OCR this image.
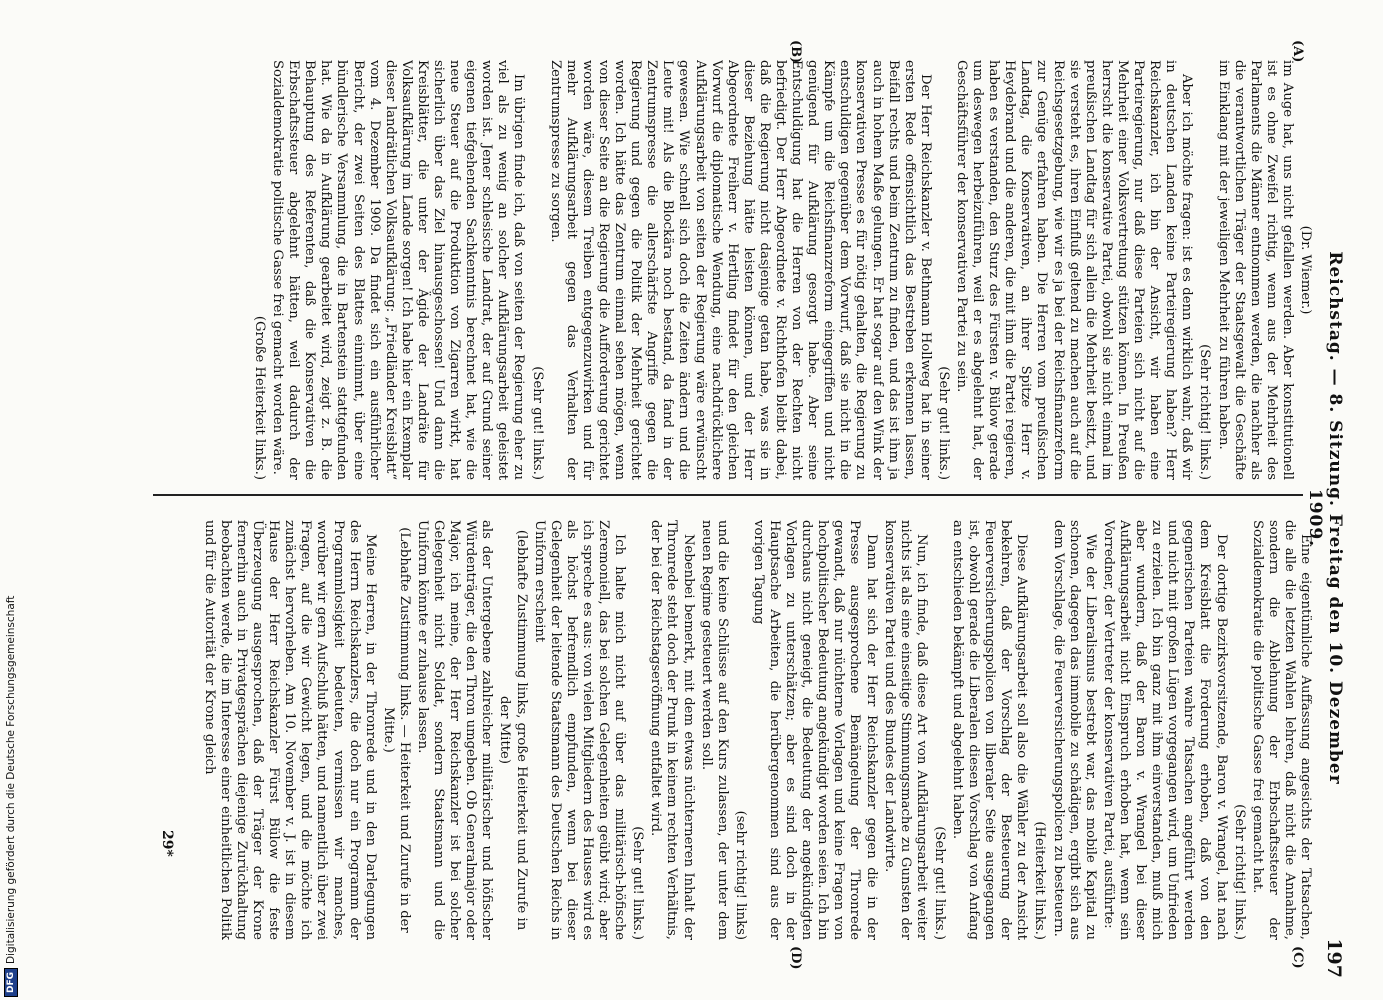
Reichstag. — 8. Sitzung. Freitag den 10. Dezember 1909.
197
(A)
(B)
(C)
(D)

(Dr. Wiemer.)

im Auge hat, uns nicht gefallen werden. Aber konstitutionell ist es ohne Zweifel richtig, wenn aus der Mehrheit des Parlaments die Männer entnommen werden, die nachher als die verantwortlichen Träger der Staatsgewalt die Geschäfte im Einklang mit der jeweiligen Mehrheit zu führen haben.

(Sehr richtig! links.)

Aber ich möchte fragen: ist es denn wirklich wahr, daß wir in deutschen Landen keine Parteiregierung haben? Herr Reichskanzler, ich bin der Ansicht, wir haben eine Parteiregierung, nur daß diese Parteien sich nicht auf die Mehrheit einer Volksvertretung stützen können. In Preußen herrscht die konservative Partei, obwohl sie nicht einmal im preußischen Landtag für sich allein die Mehrheit besitzt, und sie versteht es, ihren Einfluß geltend zu machen auch auf die Reichsgesetzgebung, wie wir es ja bei der Reichsfinanzreform zur Genüge erfahren haben. Die Herren vom preußischen Landtag, die Konservativen, an ihrer Spitze Herr v. Heydebrand und die anderen, die mit ihm die Partei regieren, haben es verstanden, den Sturz des Fürsten v. Bülow gerade um deswegen herbeizuführen, weil er es abgelehnt hat, der Geschäftsführer der konservativen Partei zu sein.

(Sehr gut! links.)

Der Herr Reichskanzler v. Bethmann Hollweg hat in seiner ersten Rede offensichtlich das Bestreben erkennen lassen, Beifall rechts und beim Zentrum zu finden, und das ist ihm ja auch in hohem Maße gelungen. Er hat sogar auf den Wink der konservativen Presse es für nötig gehalten, die Regierung zu entschuldigen gegenüber dem Vorwurf, daß sie nicht in die Kämpfe um die Reichsfinanzreform eingegriffen und nicht genügend für Aufklärung gesorgt habe. Aber seine Entschuldigung hat die Herren von der Rechten nicht befriedigt. Der Herr Abgeordnete v. Richthofen bleibt dabei, daß die Regierung nicht dasjenige getan habe, was sie in dieser Beziehung hätte leisten können, und der Herr Abgeordnete Freiherr v. Hertling findet für den gleichen Vorwurf die diplomatische Wendung, eine nachdrücklichere Aufklärungsarbeit von seiten der Regierung wäre erwünscht gewesen. Wie schnell sich doch die Zeiten ändern und die Leute mit! Als die Blockära noch bestand, da fand in der Zentrumspresse die allerschärfste Angriffe gegen die Regierung und gegen die Politik der Mehrheit gerichtet worden. Ich hätte das Zentrum einmal sehen mögen, wenn von dieser Seite an die Regierung die Aufforderung gerichtet worden wäre, diesem Treiben entgegenzuwirken und für mehr Aufklärungsarbeit gegen das Verhalten der Zentrumspresse zu sorgen.

(Sehr gut! links.)

Im übrigen finde ich, daß von seiten der Regierung eher zu viel als zu wenig an solcher Aufklärungsarbeit geleistet worden ist. Jener schlesische Landrat, der auf Grund seiner eigenen tiefgehenden Sachkenntnis berechnet hat, wie die neue Steuer auf die Produktion von Zigarren wirkt, hat sicherlich über das Ziel hinausgeschossen! Und dann die Kreisblätter, die unter der Ägide der Landräte für Volksaufklärung im Lande sorgen! Ich habe hier ein Exemplar dieser landrätlichen Volksaufklärung: „Friedländer Kreisblatt“ vom 4. Dezember 1909. Da findet sich ein ausführlicher Bericht, der zwei Seiten des Blattes einnimmt, über eine bündlerische Versammlung, die in Bartenstein stattgefunden hat. Wie da in Aufklärung gearbeitet wird, zeigt z. B. die Behauptung des Referenten, daß die Konservativen die Erbschaftssteuer abgelehnt hätten, weil dadurch der Sozialdemokratie politische Gasse frei gemacht worden wäre.

(Große Heiterkeit links.)

Eine eigentümliche Auffassung angesichts der Tatsachen, die alle die letzten Wahlen lehren, daß nicht die Annahme, sondern die Ablehnung der Erbschaftssteuer der Sozialdemokratie die politische Gasse frei gemacht hat.

(Sehr richtig! links.)

Der dortige Bezirksvorsitzende, Baron v. Wrangel, hat nach dem Kreisblatt die Forderung erhoben, daß von den gegnerischen Parteien wahre Tatsachen angeführt werden und nicht mit großen Lügen vorgegangen wird, um Unfrieden zu erzielen. Ich bin ganz mit ihm einverstanden, muß mich aber wundern, daß der Baron v. Wrangel bei dieser Aufklärungsarbeit nicht Einspruch erhoben hat, wenn sein Vorredner, der Vertreter der konservativen Partei, ausführte:

Wie der Liberalismus bestrebt war, das mobile Kapital zu schonen, dagegen das immobile zu schädigen, ergibt sich aus dem Vorschlage, die Feuerversicherungspolicen zu besteuern.

(Heiterkeit links.)

Diese Aufklärungsarbeit soll also die Wähler zu der Ansicht bekehren, daß der Vorschlag der Besteuerung der Feuerversicherungspolicen von liberaler Seite ausgegangen ist, obwohl gerade die Liberalen diesen Vorschlag von Anfang an entschieden bekämpft und abgelehnt haben.

(Sehr gut! links.)

Nun, ich finde, daß diese Art von Aufklärungsarbeit weiter nichts ist als eine einseitige Stimmungsmache zu Gunsten der konservativen Partei und des Bundes der Landwirte.

Dann hat sich der Herr Reichskanzler gegen die in der Presse ausgesprochene Bemängelung der Thronrede gewandt, daß nur nüchterne Vorlagen und keine Fragen von hochpolitischer Bedeutung angekündigt worden seien. Ich bin durchaus nicht geneigt, die Bedeutung der angekündigten Vorlagen zu unterschätzen; aber es sind doch in der Hauptsache Arbeiten, die herübergenommen sind aus der vorigen Tagung

(sehr richtig! links)

und die keine Schlüsse auf den Kurs zulassen, der unter dem neuen Regime gesteuert werden soll.

Nebenbei bemerkt, mit dem etwas nüchterneren Inhalt der Thronrede steht doch der Prunk in keinem rechten Verhältnis, der bei der Reichstagseröffnung entfaltet wird.

(Sehr gut! links.)

Ich halte mich nicht auf über das militärisch-höfische Zeremoniell, das bei solchen Gelegenheiten geübt wird; aber ich spreche es aus: von vielen Mitgliedern des Hauses wird es als höchst befremdlich empfunden, wenn bei dieser Gelegenheit der leitende Staatsmann des Deutschen Reichs in Uniform erscheint

(lebhafte Zustimmung links, große Heiterkeit und Zurufe in der Mitte)

als der Untergebene zahlreicher militärischer und höfischer Würdenträger, die den Thron umgeben. Ob Generalmajor oder Major, ich meine, der Herr Reichskanzler ist bei solcher Gelegenheit nicht Soldat, sondern Staatsmann und die Uniform könnte er zuhause lassen.

(Lebhafte Zustimmung links. — Heiterkeit und Zurufe in der Mitte.)

Meine Herren, in der Thronrede und in den Darlegungen des Herrn Reichskanzlers, die doch nur ein Programm der Programmlosigkeit bedeuten, vermissen wir manches, worüber wir gern Aufschluß hätten, und namentlich über zwei Fragen, auf die wir Gewicht legen, und die möchte ich zunächst hervorheben. Am 10. November v. J. ist in diesem Hause der Herr Reichskanzler Fürst Bülow die feste Überzeugung ausgesprochen, daß der Träger der Krone fernerhin auch in Privatgesprächen diejenige Zurückhaltung beobachten werde, die im Interesse einer einheitlichen Politik und für die Autorität der Krone gleich

29*
DFG
Digitalisierung gefördert durch die Deutsche Forschungsgemeinschaft
